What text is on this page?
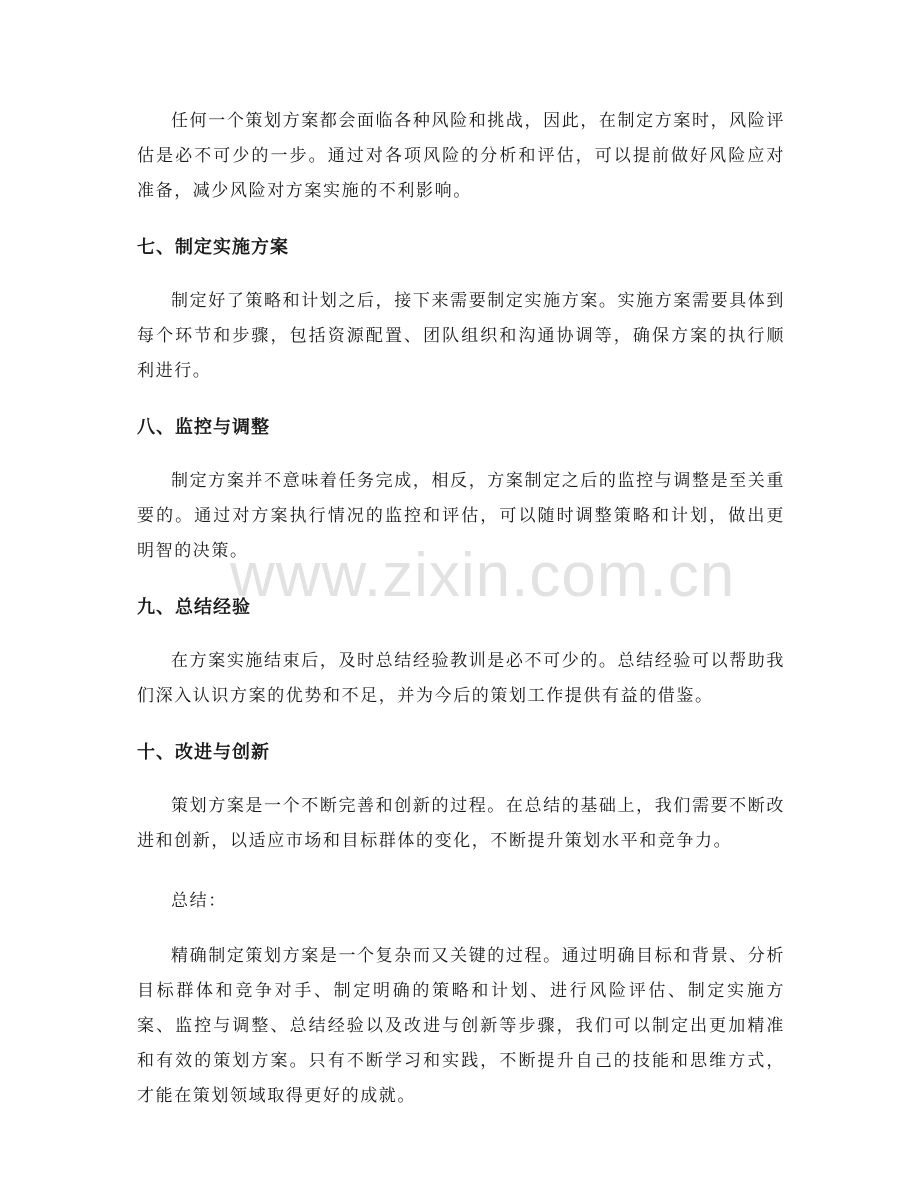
任何一个策划方案都会面临各种风险和挑战，因此，在制定方案时，风险评估是必不可少的一步。通过对各项风险的分析和评估，可以提前做好风险应对准备，减少风险对方案实施的不利影响。

七、制定实施方案

制定好了策略和计划之后，接下来需要制定实施方案。实施方案需要具体到每个环节和步骤，包括资源配置、团队组织和沟通协调等，确保方案的执行顺利进行。

八、监控与调整

制定方案并不意味着任务完成，相反，方案制定之后的监控与调整是至关重要的。通过对方案执行情况的监控和评估，可以随时调整策略和计划，做出更明智的决策。

九、总结经验

在方案实施结束后，及时总结经验教训是必不可少的。总结经验可以帮助我们深入认识方案的优势和不足，并为今后的策划工作提供有益的借鉴。

十、改进与创新

策划方案是一个不断完善和创新的过程。在总结的基础上，我们需要不断改进和创新，以适应市场和目标群体的变化，不断提升策划水平和竞争力。

总结：

精确制定策划方案是一个复杂而又关键的过程。通过明确目标和背景、分析目标群体和竞争对手、制定明确的策略和计划、进行风险评估、制定实施方案、监控与调整、总结经验以及改进与创新等步骤，我们可以制定出更加精准和有效的策划方案。只有不断学习和实践，不断提升自己的技能和思维方式，才能在策划领域取得更好的成就。

www.zixin.com.cn
